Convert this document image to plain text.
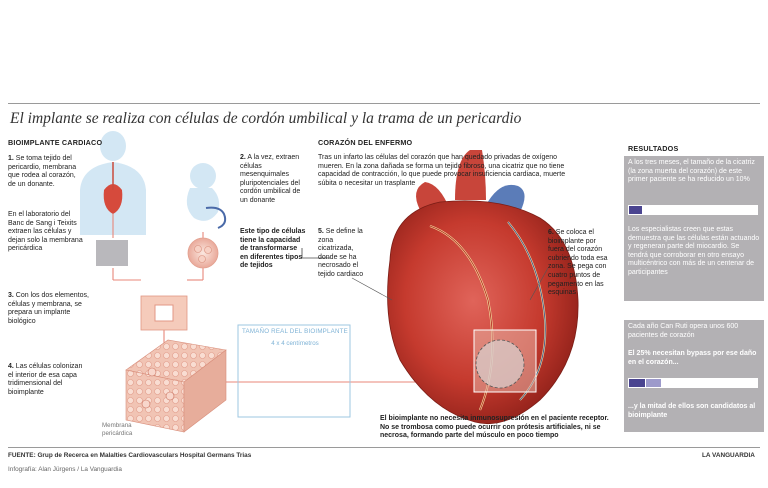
El implante se realiza con células de cordón umbilical y la trama de un pericardio
BIOIMPLANTE CARDIACO
1. Se toma tejido del pericardio, membrana que rodea al corazón, de un donante.
En el laboratorio del Banc de Sang i Teixits extraen las células y dejan solo la membrana pericárdica
2. A la vez, extraen células mesenquimales pluripotenciales del cordón umbilical de un donante
Este tipo de células tiene la capacidad de transformarse en diferentes tipos de tejidos
3. Con los dos elementos, células y membrana, se prepara un implante biológico
4. Las células colonizan el interior de esa capa tridimensional del bioimplante
Membrana pericárdica
TAMAÑO REAL DEL BIOIMPLANTE
4 x 4 centímetros
CORAZÓN DEL ENFERMO
Tras un infarto las células del corazón que han quedado privadas de oxígeno mueren. En la zona dañada se forma un tejido fibroso, una cicatriz que no tiene capacidad de contracción, lo que puede provocar insuficiencia cardiaca, muerte súbita o necesitar un trasplante
5. Se define la zona cicatrizada, donde se ha necrosado el tejido cardiaco
6. Se coloca el bioimplante por fuera del corazón cubriendo toda esa zona. Se pega con cuatro puntos de pegamento en las esquinas
El bioimplante no necesita inmunosupresión en el paciente receptor. No se trombosa como puede ocurrir con prótesis artificiales, ni se necrosa, formando parte del músculo en poco tiempo
RESULTADOS
A los tres meses, el tamaño de la cicatriz (la zona muerta del corazón) de este primer paciente se ha reducido un 10%
Los especialistas creen que estas demuestra que las células están actuando y regeneran parte del miocardio. Se tendrá que corroborar en otro ensayo multicéntrico con más de un centenar de participantes
Cada año Can Ruti opera unos 600 pacientes de corazón
El 25% necesitan bypass por ese daño en el corazón...
...y la mitad de ellos son candidatos al bioimplante
FUENTE: Grup de Recerca en Malalties Cardiovasculars Hospital Germans Trias
Infografía: Alan Jürgens / La Vanguardia
LA VANGUARDIA
